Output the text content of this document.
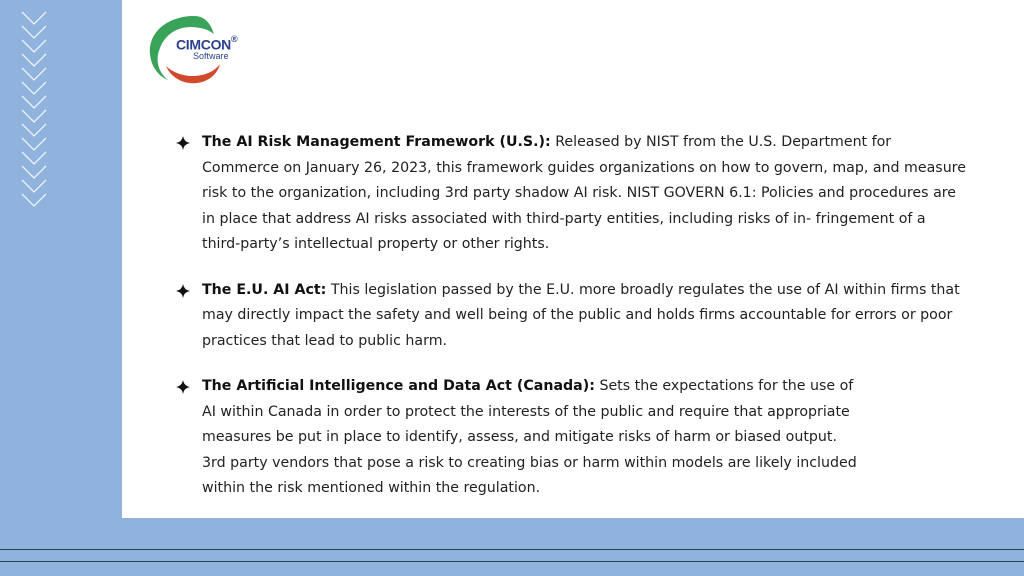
CIMCON®
Software
The AI Risk Management Framework (U.S.): Released by NIST from the U.S. Department for Commerce on January 26, 2023, this framework guides organizations on how to govern, map, and measure risk to the organization, including 3rd party shadow AI risk. NIST GOVERN 6.1: Policies and procedures are in place that address AI risks associated with third-party entities, including risks of in- fringement of a third-party’s intellectual property or other rights.
The E.U. AI Act: This legislation passed by the E.U. more broadly regulates the use of AI within firms that may directly impact the safety and well being of the public and holds firms accountable for errors or poor practices that lead to public harm.
The Artificial Intelligence and Data Act (Canada): Sets the expectations for the use of AI within Canada in order to protect the interests of the public and require that appropriate measures be put in place to identify, assess, and mitigate risks of harm or biased output. 3rd party vendors that pose a risk to creating bias or harm within models are likely included within the risk mentioned within the regulation.
